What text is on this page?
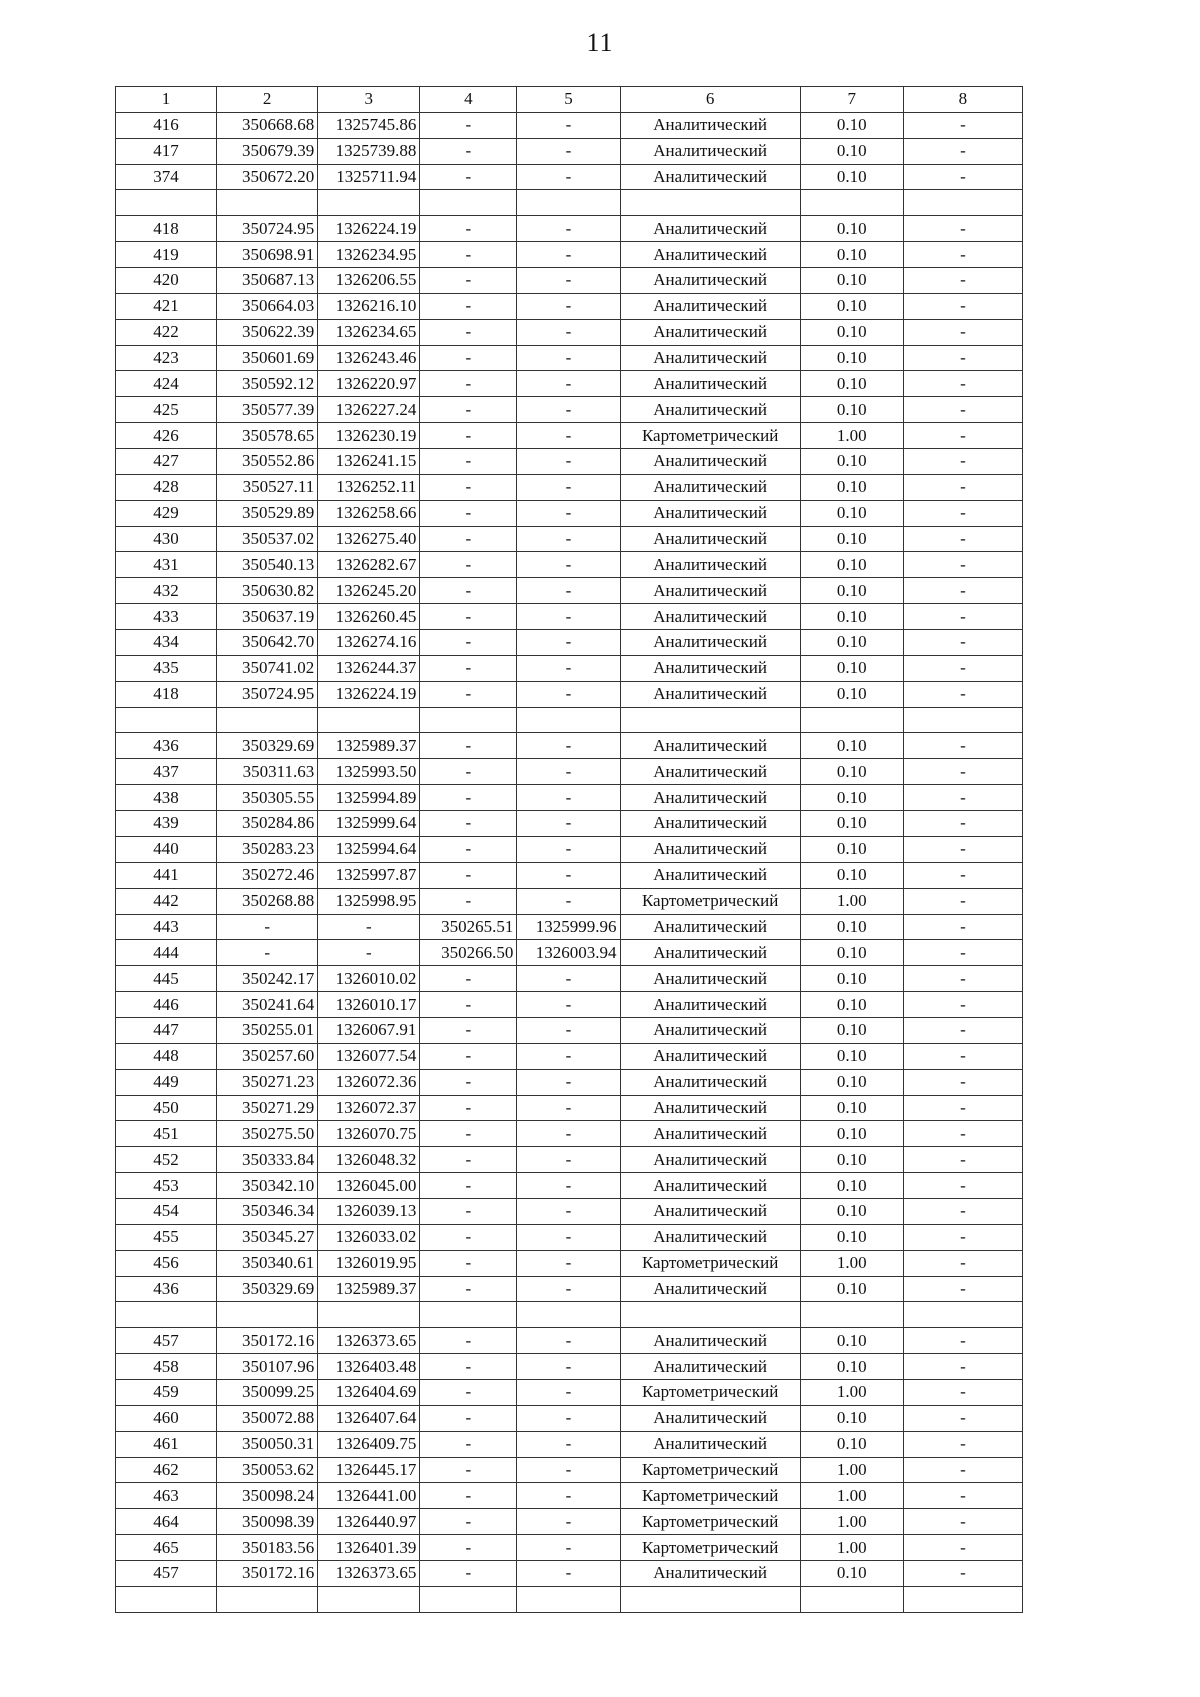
11
1	2	3	4	5	6	7	8
416	350668.68	1325745.86	-	-	Аналитический	0.10	-
417	350679.39	1325739.88	-	-	Аналитический	0.10	-
374	350672.20	1325711.94	-	-	Аналитический	0.10	-

418	350724.95	1326224.19	-	-	Аналитический	0.10	-
419	350698.91	1326234.95	-	-	Аналитический	0.10	-
420	350687.13	1326206.55	-	-	Аналитический	0.10	-
421	350664.03	1326216.10	-	-	Аналитический	0.10	-
422	350622.39	1326234.65	-	-	Аналитический	0.10	-
423	350601.69	1326243.46	-	-	Аналитический	0.10	-
424	350592.12	1326220.97	-	-	Аналитический	0.10	-
425	350577.39	1326227.24	-	-	Аналитический	0.10	-
426	350578.65	1326230.19	-	-	Картометрический	1.00	-
427	350552.86	1326241.15	-	-	Аналитический	0.10	-
428	350527.11	1326252.11	-	-	Аналитический	0.10	-
429	350529.89	1326258.66	-	-	Аналитический	0.10	-
430	350537.02	1326275.40	-	-	Аналитический	0.10	-
431	350540.13	1326282.67	-	-	Аналитический	0.10	-
432	350630.82	1326245.20	-	-	Аналитический	0.10	-
433	350637.19	1326260.45	-	-	Аналитический	0.10	-
434	350642.70	1326274.16	-	-	Аналитический	0.10	-
435	350741.02	1326244.37	-	-	Аналитический	0.10	-
418	350724.95	1326224.19	-	-	Аналитический	0.10	-

436	350329.69	1325989.37	-	-	Аналитический	0.10	-
437	350311.63	1325993.50	-	-	Аналитический	0.10	-
438	350305.55	1325994.89	-	-	Аналитический	0.10	-
439	350284.86	1325999.64	-	-	Аналитический	0.10	-
440	350283.23	1325994.64	-	-	Аналитический	0.10	-
441	350272.46	1325997.87	-	-	Аналитический	0.10	-
442	350268.88	1325998.95	-	-	Картометрический	1.00	-
443	-	-	350265.51	1325999.96	Аналитический	0.10	-
444	-	-	350266.50	1326003.94	Аналитический	0.10	-
445	350242.17	1326010.02	-	-	Аналитический	0.10	-
446	350241.64	1326010.17	-	-	Аналитический	0.10	-
447	350255.01	1326067.91	-	-	Аналитический	0.10	-
448	350257.60	1326077.54	-	-	Аналитический	0.10	-
449	350271.23	1326072.36	-	-	Аналитический	0.10	-
450	350271.29	1326072.37	-	-	Аналитический	0.10	-
451	350275.50	1326070.75	-	-	Аналитический	0.10	-
452	350333.84	1326048.32	-	-	Аналитический	0.10	-
453	350342.10	1326045.00	-	-	Аналитический	0.10	-
454	350346.34	1326039.13	-	-	Аналитический	0.10	-
455	350345.27	1326033.02	-	-	Аналитический	0.10	-
456	350340.61	1326019.95	-	-	Картометрический	1.00	-
436	350329.69	1325989.37	-	-	Аналитический	0.10	-

457	350172.16	1326373.65	-	-	Аналитический	0.10	-
458	350107.96	1326403.48	-	-	Аналитический	0.10	-
459	350099.25	1326404.69	-	-	Картометрический	1.00	-
460	350072.88	1326407.64	-	-	Аналитический	0.10	-
461	350050.31	1326409.75	-	-	Аналитический	0.10	-
462	350053.62	1326445.17	-	-	Картометрический	1.00	-
463	350098.24	1326441.00	-	-	Картометрический	1.00	-
464	350098.39	1326440.97	-	-	Картометрический	1.00	-
465	350183.56	1326401.39	-	-	Картометрический	1.00	-
457	350172.16	1326373.65	-	-	Аналитический	0.10	-
